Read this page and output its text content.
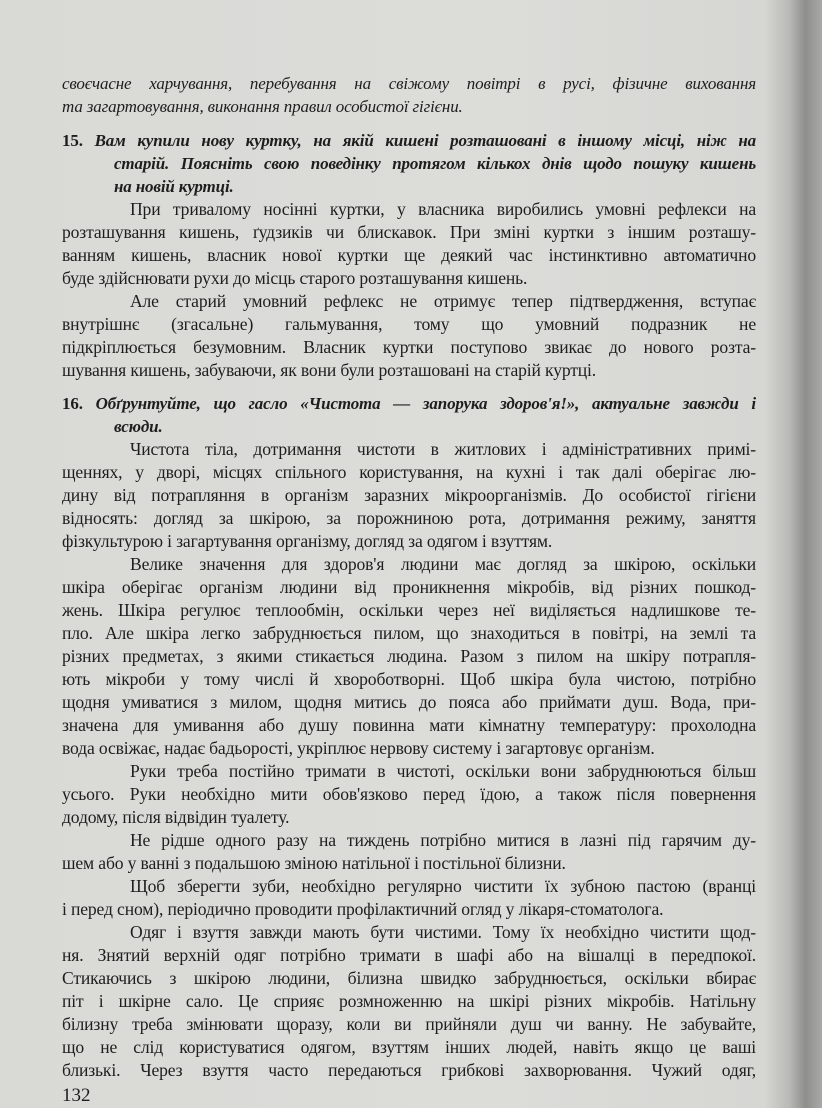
своєчасне харчування, перебування на свіжому повітрі в русі, фізичне виховання
та загартовування, виконання правил особистої гігієни.
15. Вам купили нову куртку, на якій кишені розташовані в іншому місці, ніж на
старій. Поясніть свою поведінку протягом кількох днів щодо пошуку кишень
на новій куртці.
При тривалому носінні куртки, у власника виробились умовні рефлекси на
розташування кишень, ґудзиків чи блискавок. При зміні куртки з іншим розташу-
ванням кишень, власник нової куртки ще деякий час інстинктивно автоматично
буде здійснювати рухи до місць старого розташування кишень.
Але старий умовний рефлекс не отримує тепер підтвердження, вступає
внутрішнє (згасальне) гальмування, тому що умовний подразник не
підкріплюється безумовним. Власник куртки поступово звикає до нового розта-
шування кишень, забуваючи, як вони були розташовані на старій куртці.
16. Обґрунтуйте, що гасло «Чистота — запорука здоров'я!», актуальне завжди і
всюди.
Чистота тіла, дотримання чистоти в житлових і адміністративних примі-
щеннях, у дворі, місцях спільного користування, на кухні і так далі оберігає лю-
дину від потрапляння в організм заразних мікроорганізмів. До особистої гігієни
відносять: догляд за шкірою, за порожниною рота, дотримання режиму, заняття
фізкультурою і загартування організму, догляд за одягом і взуттям.
Велике значення для здоров'я людини має догляд за шкірою, оскільки
шкіра оберігає організм людини від проникнення мікробів, від різних пошкод-
жень. Шкіра регулює теплообмін, оскільки через неї виділяється надлишкове те-
пло. Але шкіра легко забруднюється пилом, що знаходиться в повітрі, на землі та
різних предметах, з якими стикається людина. Разом з пилом на шкіру потрапля-
ють мікроби у тому числі й хвороботворні. Щоб шкіра була чистою, потрібно
щодня умиватися з милом, щодня митись до пояса або приймати душ. Вода, при-
значена для умивання або душу повинна мати кімнатну температуру: прохолодна
вода освіжає, надає бадьорості, укріплює нервову систему і загартовує організм.
Руки треба постійно тримати в чистоті, оскільки вони забруднюються більш
усього. Руки необхідно мити обов'язково перед їдою, а також після повернення
додому, після відвідин туалету.
Не рідше одного разу на тиждень потрібно митися в лазні під гарячим ду-
шем або у ванні з подальшою зміною натільної і постільної білизни.
Щоб зберегти зуби, необхідно регулярно чистити їх зубною пастою (вранці
і перед сном), періодично проводити профілактичний огляд у лікаря-стоматолога.
Одяг і взуття завжди мають бути чистими. Тому їх необхідно чистити щод-
ня. Знятий верхній одяг потрібно тримати в шафі або на вішалці в передпокої.
Стикаючись з шкірою людини, білизна швидко забруднюється, оскільки вбирає
піт і шкірне сало. Це сприяє розмноженню на шкірі різних мікробів. Натільну
білизну треба змінювати щоразу, коли ви прийняли душ чи ванну. Не забувайте,
що не слід користуватися одягом, взуттям інших людей, навіть якщо це ваші
близькі. Через взуття часто передаються грибкові захворювання. Чужий одяг,
132
